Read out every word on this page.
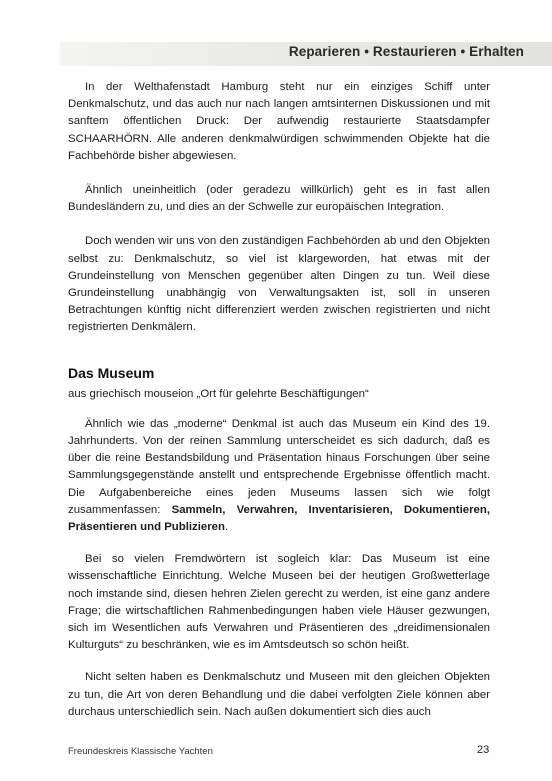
Reparieren • Restaurieren • Erhalten

In der Welthafenstadt Hamburg steht nur ein einziges Schiff unter Denkmalschutz, und das auch nur nach langen amtsinternen Diskussionen und mit sanftem öffentlichen Druck: Der aufwendig restaurierte Staatsdampfer SCHAARHÖRN. Alle anderen denkmalwürdigen schwimmenden Objekte hat die Fachbehörde bisher abgewiesen.

Ähnlich uneinheitlich (oder geradezu willkürlich) geht es in fast allen Bundesländern zu, und dies an der Schwelle zur europäischen Integration.

Doch wenden wir uns von den zuständigen Fachbehörden ab und den Objekten selbst zu: Denkmalschutz, so viel ist klargeworden, hat etwas mit der Grundeinstellung von Menschen gegenüber alten Dingen zu tun. Weil diese Grundeinstellung unabhängig von Verwaltungsakten ist, soll in unseren Betrachtungen künftig nicht differenziert werden zwischen registrierten und nicht registrierten Denkmälern.

Das Museum
aus griechisch mouseion „Ort für gelehrte Beschäftigungen“

Ähnlich wie das „moderne“ Denkmal ist auch das Museum ein Kind des 19. Jahrhunderts. Von der reinen Sammlung unterscheidet es sich dadurch, daß es über die reine Bestandsbildung und Präsentation hinaus Forschungen über seine Sammlungsgegenstände anstellt und entsprechende Ergebnisse öffentlich macht. Die Aufgabenbereiche eines jeden Museums lassen sich wie folgt zusammenfassen: Sammeln, Verwahren, Inventarisieren, Dokumentieren, Präsentieren und Publizieren.

Bei so vielen Fremdwörtern ist sogleich klar: Das Museum ist eine wissenschaftliche Einrichtung. Welche Museen bei der heutigen Großwetterlage noch imstande sind, diesen hehren Zielen gerecht zu werden, ist eine ganz andere Frage; die wirtschaftlichen Rahmenbedingungen haben viele Häuser gezwungen, sich im Wesentlichen aufs Verwahren und Präsentieren des „dreidimensionalen Kulturguts“ zu beschränken, wie es im Amtsdeutsch so schön heißt.

Nicht selten haben es Denkmalschutz und Museen mit den gleichen Objekten zu tun, die Art von deren Behandlung und die dabei verfolgten Ziele können aber durchaus unterschiedlich sein. Nach außen dokumentiert sich dies auch

Freundeskreis Klassische Yachten	23
